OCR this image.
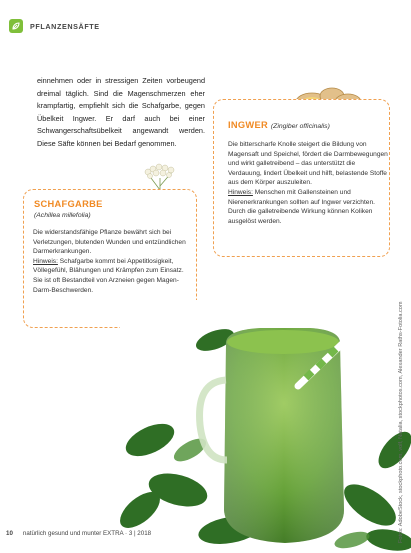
PFLANZENSÄFTE

einnehmen oder in stressigen Zeiten vorbeugend dreimal täglich. Sind die Magenschmerzen eher krampfartig, empfiehlt sich die Schafgarbe, gegen Übelkeit Ingwer. Er darf auch bei einer Schwangerschaftsübelkeit angewandt werden. Diese Säfte können bei Bedarf genommen.

SCHAFGARBE
(Achillea millefolia)
Die widerstandsfähige Pflanze bewährt sich bei Verletzungen, blutenden Wunden und entzündlichen Darmerkrankungen.
Hinweis: Schafgarbe kommt bei Appetitlosigkeit, Völlegefühl, Blähungen und Krämpfen zum Einsatz. Sie ist oft Bestandteil von Arzneien gegen Magen-Darm-Beschwerden.
INGWER (Zingiber officinalis)
Die bitterscharfe Knolle steigert die Bildung von Magensaft und Speichel, fördert die Darmbewegungen und wirkt galletreibend – das unterstützt die Verdauung, lindert Übelkeit und hilft, belastende Stoffe aus dem Körper auszuleiten.
Hinweis: Menschen mit Gallensteinen und Nierenerkrankungen sollten auf Ingwer verzichten. Durch die galletreibende Wirkung können Koliken ausgelöst werden.
Fotos: AdobeStock, stockphoto.com, volf, Natalia, stockphotos.com, Alexander Raths-Fotolia.com
10 natürlich gesund und munter EXTRA · 3 | 2018
